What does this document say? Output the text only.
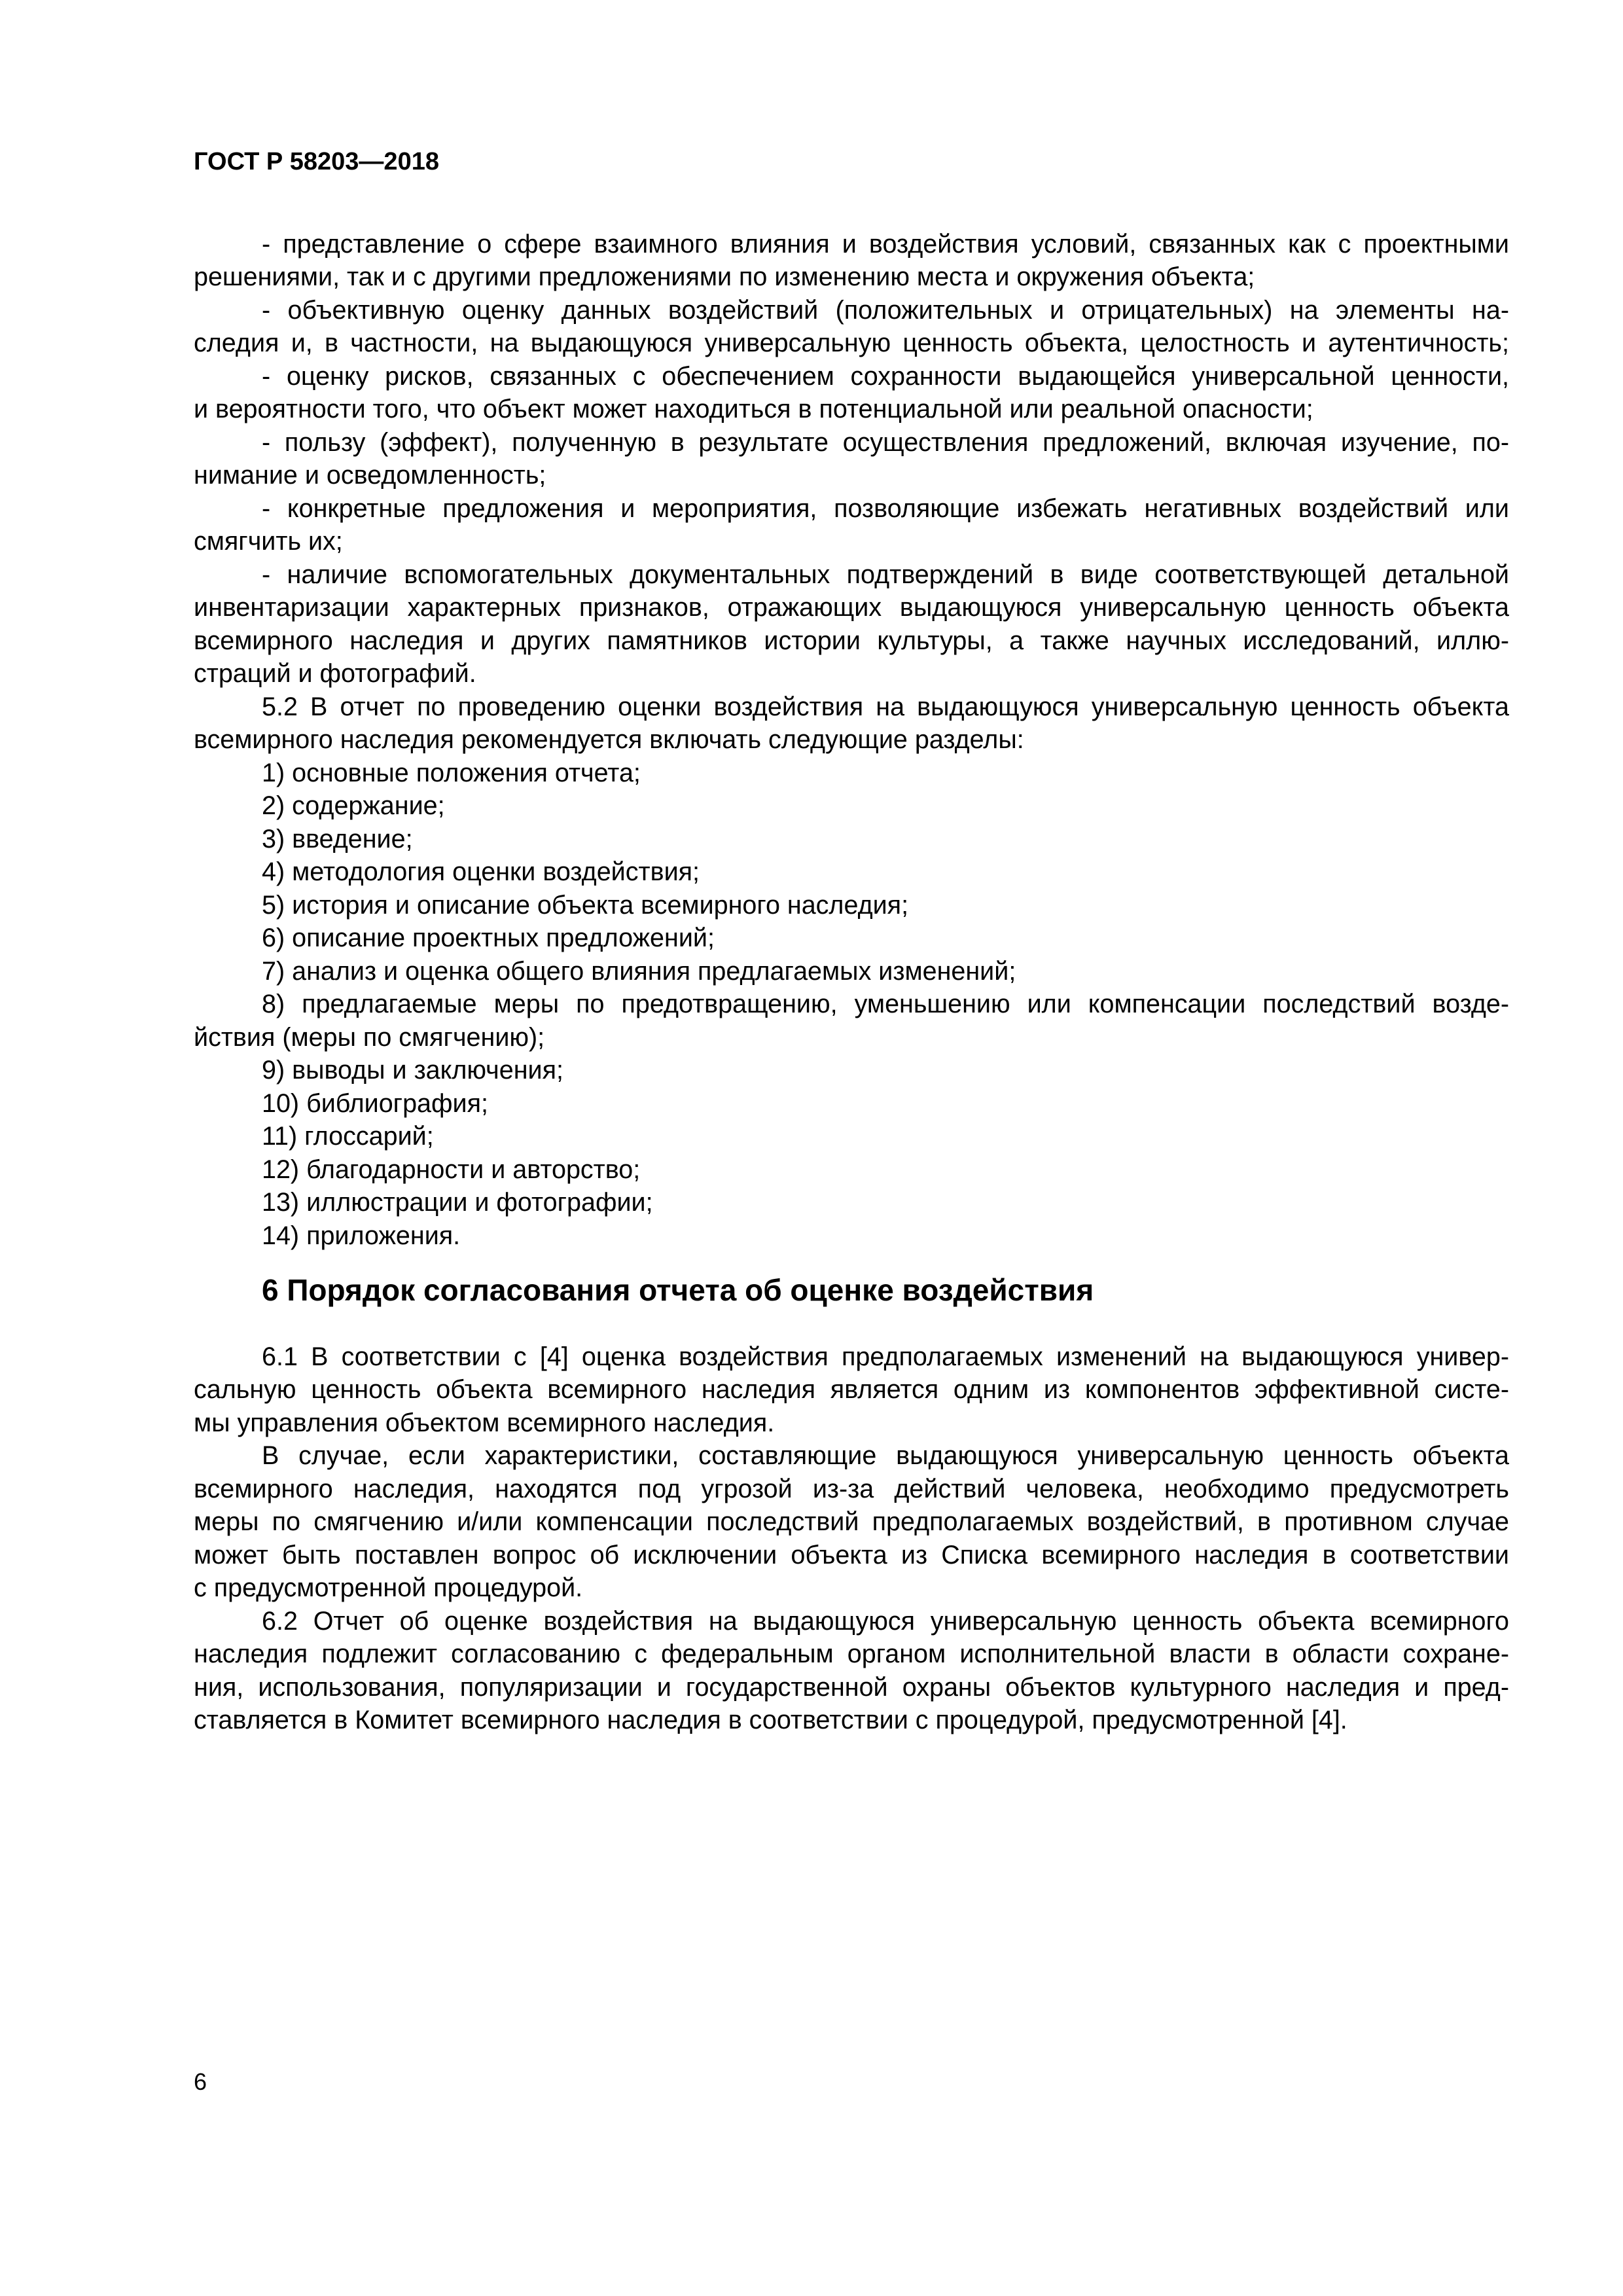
ГОСТ Р 58203—2018
- представление о сфере взаимного влияния и воздействия условий, связанных как с проектными
решениями, так и с другими предложениями по изменению места и окружения объекта;
- объективную оценку данных воздействий (положительных и отрицательных) на элементы на-
следия и, в частности, на выдающуюся универсальную ценность объекта, целостность и аутентичность;
- оценку рисков, связанных с обеспечением сохранности выдающейся универсальной ценности,
и вероятности того, что объект может находиться в потенциальной или реальной опасности;
- пользу (эффект), полученную в результате осуществления предложений, включая изучение, по-
нимание и осведомленность;
- конкретные предложения и мероприятия, позволяющие избежать негативных воздействий или
смягчить их;
- наличие вспомогательных документальных подтверждений в виде соответствующей детальной
инвентаризации характерных признаков, отражающих выдающуюся универсальную ценность объекта
всемирного наследия и других памятников истории культуры, а также научных исследований, иллю-
страций и фотографий.
5.2 В отчет по проведению оценки воздействия на выдающуюся универсальную ценность объекта
всемирного наследия рекомендуется включать следующие разделы:
1) основные положения отчета;
2) содержание;
3) введение;
4) методология оценки воздействия;
5) история и описание объекта всемирного наследия;
6) описание проектных предложений;
7) анализ и оценка общего влияния предлагаемых изменений;
8) предлагаемые меры по предотвращению, уменьшению или компенсации последствий возде-
йствия (меры по смягчению);
9) выводы и заключения;
10) библиография;
11) глоссарий;
12) благодарности и авторство;
13) иллюстрации и фотографии;
14) приложения.
6 Порядок согласования отчета об оценке воздействия
6.1 В соответствии с [4] оценка воздействия предполагаемых изменений на выдающуюся универ-
сальную ценность объекта всемирного наследия является одним из компонентов эффективной систе-
мы управления объектом всемирного наследия.
В случае, если характеристики, составляющие выдающуюся универсальную ценность объекта
всемирного наследия, находятся под угрозой из-за действий человека, необходимо предусмотреть
меры по смягчению и/или компенсации последствий предполагаемых воздействий, в противном случае
может быть поставлен вопрос об исключении объекта из Списка всемирного наследия в соответствии
с предусмотренной процедурой.
6.2 Отчет об оценке воздействия на выдающуюся универсальную ценность объекта всемирного
наследия подлежит согласованию с федеральным органом исполнительной власти в области сохране-
ния, использования, популяризации и государственной охраны объектов культурного наследия и пред-
ставляется в Комитет всемирного наследия в соответствии с процедурой, предусмотренной [4].
6
